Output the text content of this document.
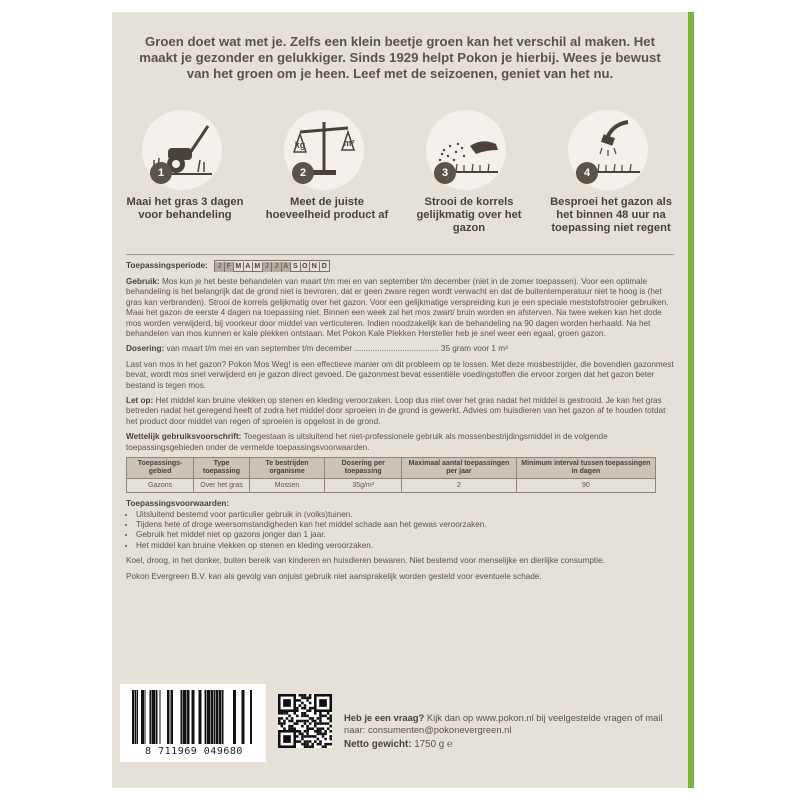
Groen doet wat met je. Zelfs een klein beetje groen kan het verschil al maken. Het maakt je gezonder en gelukkiger. Sinds 1929 helpt Pokon je hierbij. Wees je bewust van het groen om je heen. Leef met de seizoenen, geniet van het nu.
1
Maai het gras 3 dagen voor behandeling
kg	m²
2
Meet de juiste hoeveelheid product af
3
Strooi de korrels gelijkmatig over het gazon
4
Besproei het gazon als het binnen 48 uur na toepassing niet regent

Toepassingsperiode: J F M A M J J A S O N D

Gebruik: Mos kun je het beste behandelen van maart t/m mei en van september t/m december (niet in de zomer toepassen). Voor een optimale behandeling is het belangrijk dat de grond niet is bevroren, dat er geen zware regen wordt verwacht en dat de buitentemperatuur niet te hoog is (het gras kan verbranden). Strooi de korrels gelijkmatig over het gazon. Voor een gelijkmatige verspreiding kun je een speciale meststofstrooier gebruiken. Maai het gazon de eerste 4 dagen na toepassing niet. Binnen een week zal het mos zwart/ bruin worden en afsterven. Na twee weken kan het dode mos worden verwijderd, bij voorkeur door middel van verticuteren. Indien noodzakelijk kan de behandeling na 90 dagen worden herhaald. Na het behandelen van mos kunnen er kale plekken ontstaan. Met Pokon Kale Plekken Hersteller heb je snel weer een egaal, groen gazon.

Dosering: van maart t/m mei en van september t/m december ..................................... 35 gram voor 1 m²

Last van mos in het gazon? Pokon Mos Weg! is een effectieve manier om dit probleem op te lossen. Met deze mosbestrijder, die bovendien gazonmest bevat, wordt mos snel verwijderd en je gazon direct gevoed. De gazonmest bevat essentiële voedingstoffen die ervoor zorgen dat het gazon beter bestand is tegen mos.

Let op: Het middel kan bruine vlekken op stenen en kleding veroorzaken. Loop dus niet over het gras nadat het middel is gestrooid. Je kan het gras betreden nadat het geregend heeft of zodra het middel door sproeien in de grond is gewerkt. Advies om huisdieren van het gazon af te houden totdat het product door middel van regen of sproeien is opgelost in de grond.

Wettelijk gebruiksvoorschrift: Toegestaan is uitsluitend het niet-professionele gebruik als mossenbestrijdingsmiddel in de volgende toepassingsgebieden onder de vermelde toepassingsvoorwaarden.

Toepassings-gebied	Type toepassing	Te bestrijden organisme	Dosering per toepassing	Maximaal aantal toepassingen per jaar	Minimum interval tussen toepassingen in dagen
Gazons	Over het gras	Mossen	35g/m²	2	90
Toepassingsvoorwaarden:
• Uitsluitend bestemd voor particulier gebruik in (volks)tuinen.
• Tijdens hete of droge weersomstandigheden kan het middel schade aan het gewas veroorzaken.
• Gebruik het middel niet op gazons jonger dan 1 jaar.
• Het middel kan bruine vlekken op stenen en kleding veroorzaken.

Koel, droog, in het donker, buiten bereik van kinderen en huisdieren bewaren. Niet bestemd voor menselijke en dierlijke consumptie.

Pokon Evergreen B.V. kan als gevolg van onjuist gebruik niet aansprakelijk worden gesteld voor eventuele schade.

8 711969 049680
Heb je een vraag? Kijk dan op www.pokon.nl bij veelgestelde vragen of mail naar: consumenten@pokonevergreen.nl
Netto gewicht: 1750 g ℮
